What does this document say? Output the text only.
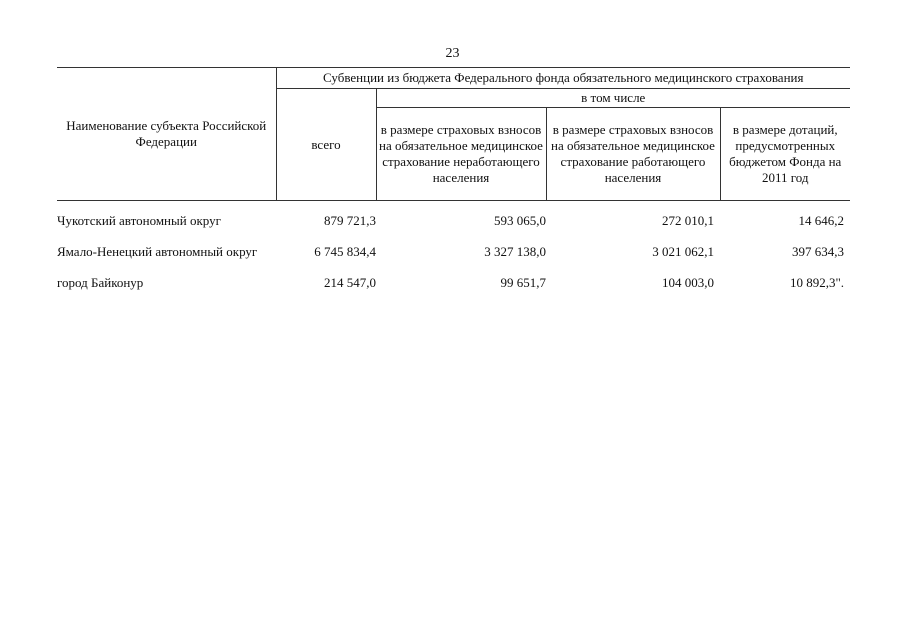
23

Наименование субъекта Российской Федерации	Субвенции из бюджета Федерального фонда обязательного медицинского страхования			
	всего	в том числе		
		в размере страховых взносов на обязательное медицинское страхование неработающего населения	в размере страховых взносов на обязательное медицинское страхование работающего населения	в размере дотаций, предусмотренных бюджетом Фонда на 2011 год

Чукотский автономный округ	879 721,3	593 065,0	272 010,1	14 646,2
Ямало-Ненецкий автономный округ	6 745 834,4	3 327 138,0	3 021 062,1	397 634,3
город Байконур	214 547,0	99 651,7	104 003,0	10 892,3".
